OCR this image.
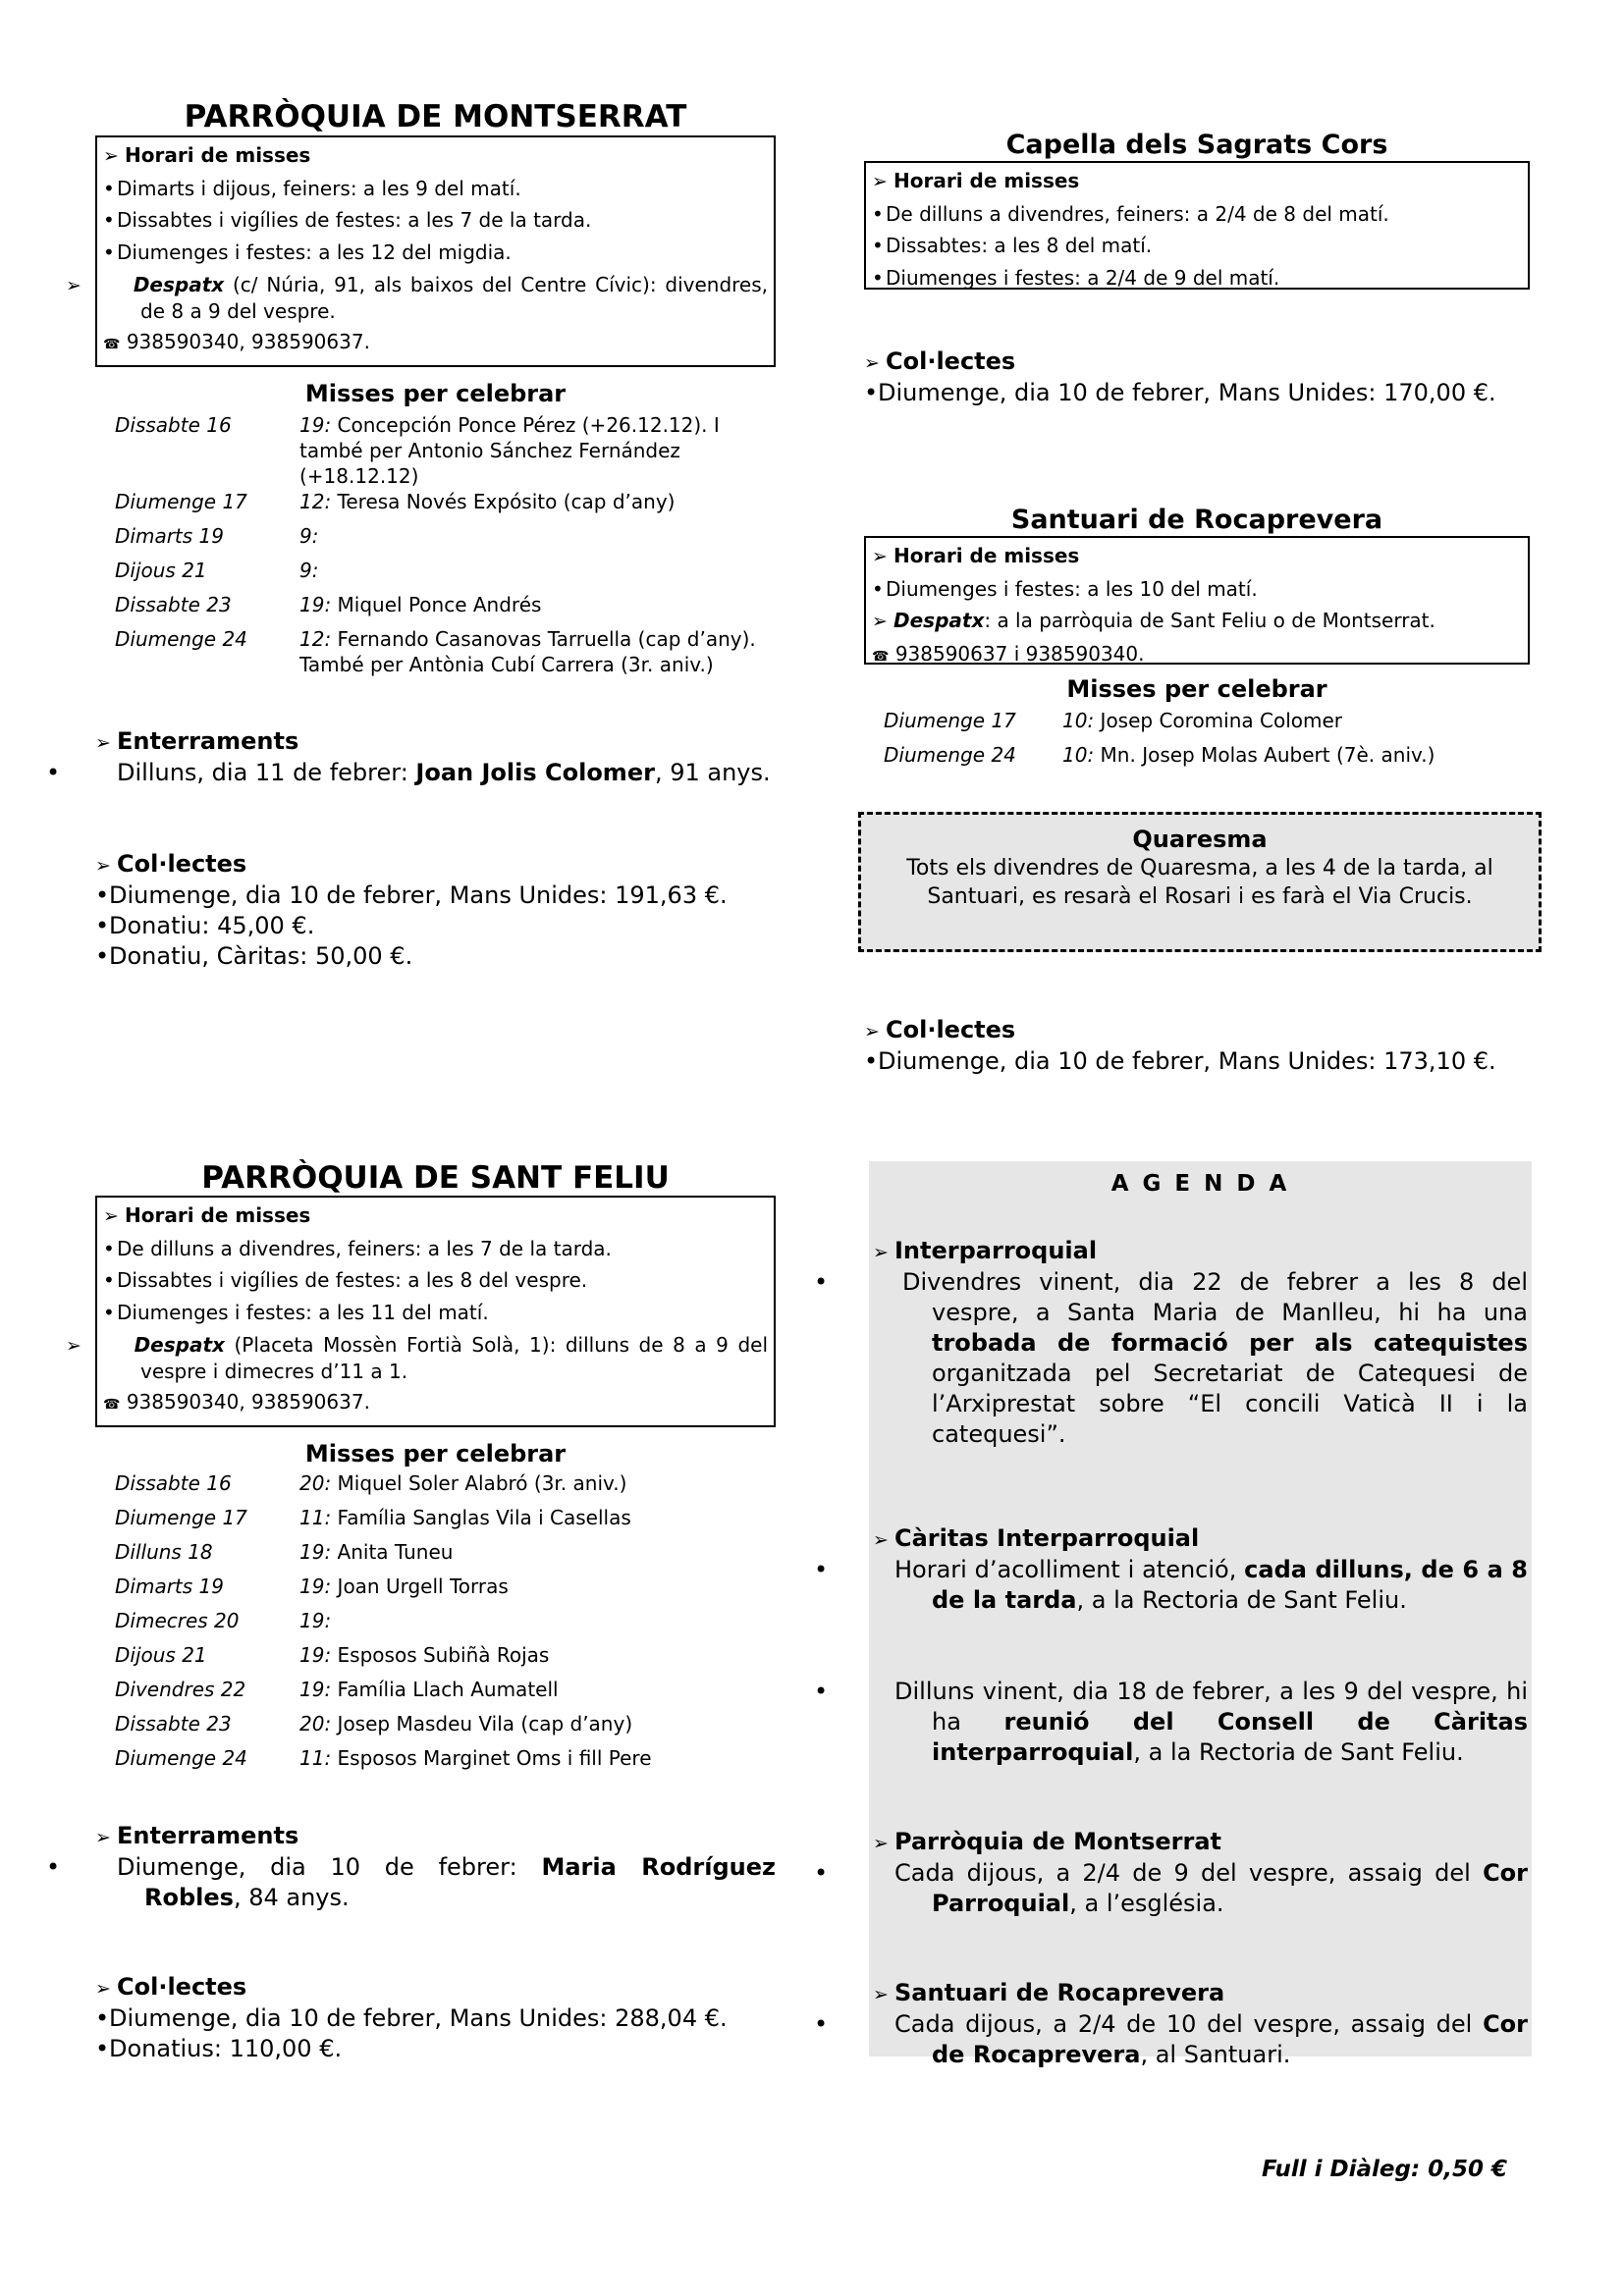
PARRÒQUIA DE MONTSERRAT
➢ Horari de misses
• Dimarts i dijous, feiners: a les 9 del matí.
• Dissabtes i vigílies de festes: a les 7 de la tarda.
• Diumenges i festes: a les 12 del migdia.
➢	Despatx (c/ Núria, 91, als baixos del Centre Cívic): divendres, de 8 a 9 del vespre.
☎ 938590340, 938590637.
Misses per celebrar
Dissabte 16	19: Concepción Ponce Pérez (+26.12.12). I també per Antonio Sánchez Fernández (+18.12.12)
Diumenge 17	12: Teresa Novés Expósito (cap d’any)
Dimarts 19	9:
Dijous 21	9:
Dissabte 23	19: Miquel Ponce Andrés
Diumenge 24	12: Fernando Casanovas Tarruella (cap d’any).
També per Antònia Cubí Carrera (3r. aniv.)
➢ Enterraments
• Dilluns, dia 11 de febrer: Joan Jolis Colomer, 91 anys.
➢ Col·lectes
•Diumenge, dia 10 de febrer, Mans Unides: 191,63 €.
•Donatiu: 45,00 €.
•Donatiu, Càritas: 50,00 €.
PARRÒQUIA DE SANT FELIU
➢ Horari de misses
• De dilluns a divendres, feiners: a les 7 de la tarda.
• Dissabtes i vigílies de festes: a les 8 del vespre.
• Diumenges i festes: a les 11 del matí.
➢	Despatx (Placeta Mossèn Fortià Solà, 1): dilluns de 8 a 9 del vespre i dimecres d’11 a 1.
☎ 938590340, 938590637.
Misses per celebrar
Dissabte 16	20: Miquel Soler Alabró (3r. aniv.)
Diumenge 17	11: Família Sanglas Vila i Casellas
Dilluns 18	19: Anita Tuneu
Dimarts 19	19: Joan Urgell Torras
Dimecres 20	19:
Dijous 21	19: Esposos Subiñà Rojas
Divendres 22	19: Família Llach Aumatell
Dissabte 23	20: Josep Masdeu Vila (cap d’any)
Diumenge 24	11: Esposos Marginet Oms i fill Pere
➢ Enterraments
• Diumenge, dia 10 de febrer: Maria Rodríguez Robles, 84 anys.
➢ Col·lectes
•Diumenge, dia 10 de febrer, Mans Unides: 288,04 €.
•Donatius: 110,00 €.
Capella dels Sagrats Cors
➢ Horari de misses
• De dilluns a divendres, feiners: a 2/4 de 8 del matí.
• Dissabtes: a les 8 del matí.
• Diumenges i festes: a 2/4 de 9 del matí.
➢ Col·lectes
•Diumenge, dia 10 de febrer, Mans Unides: 170,00 €.
Santuari de Rocaprevera
➢ Horari de misses
• Diumenges i festes: a les 10 del matí.
➢ Despatx: a la parròquia de Sant Feliu o de Montserrat.
☎ 938590637 i 938590340.
Misses per celebrar
Diumenge 17	10: Josep Coromina Colomer
Diumenge 24	10: Mn. Josep Molas Aubert (7è. aniv.)
Quaresma
Tots els divendres de Quaresma, a les 4 de la tarda, al Santuari, es resarà el Rosari i es farà el Via Crucis.
➢ Col·lectes
•Diumenge, dia 10 de febrer, Mans Unides: 173,10 €.
A G E N D A
➢ Interparroquial
•	Divendres vinent, dia 22 de febrer a les 8 del vespre, a Santa Maria de Manlleu, hi ha una trobada de formació per als catequistes organitzada pel Secretariat de Catequesi de l’Arxiprestat sobre “El concili Vaticà II i la catequesi”.
➢ Càritas Interparroquial
•	Horari d’acolliment i atenció, cada dilluns, de 6 a 8 de la tarda, a la Rectoria de Sant Feliu.
•	Dilluns vinent, dia 18 de febrer, a les 9 del vespre, hi ha reunió del Consell de Càritas interparroquial, a la Rectoria de Sant Feliu.
➢ Parròquia de Montserrat
•	Cada dijous, a 2/4 de 9 del vespre, assaig del Cor Parroquial, a l’església.
➢ Santuari de Rocaprevera
•	Cada dijous, a 2/4 de 10 del vespre, assaig del Cor de Rocaprevera, al Santuari.
Full i Diàleg: 0,50 €
